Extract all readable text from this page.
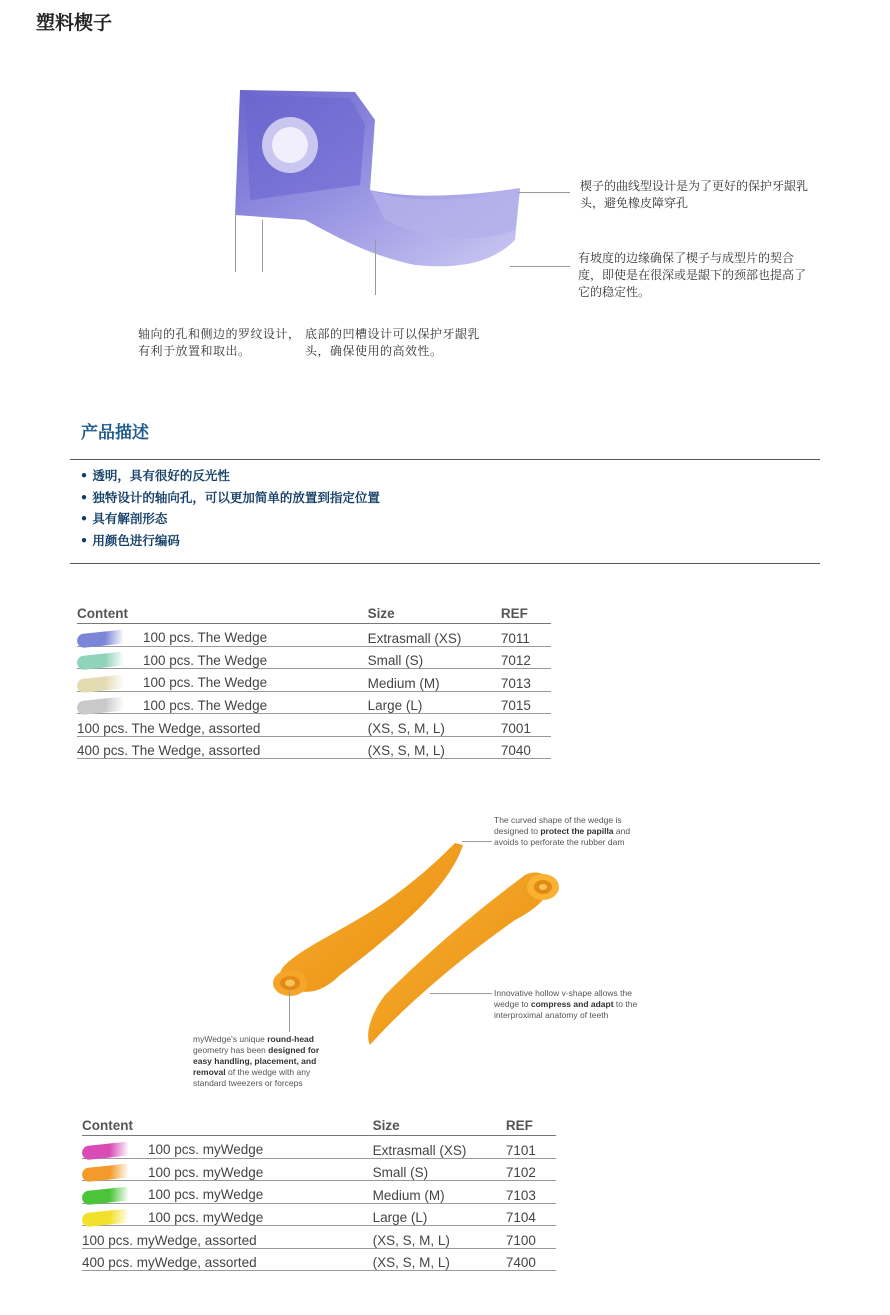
塑料楔子
楔子的曲线型设计是为了更好的保护牙龈乳头，避免橡皮障穿孔
有坡度的边缘确保了楔子与成型片的契合度，即使是在很深或是龈下的颈部也提高了它的稳定性。
轴向的孔和侧边的罗纹设计，有利于放置和取出。
底部的凹槽设计可以保护牙龈乳头，确保使用的高效性。
产品描述
• 透明，具有很好的反光性
• 独特设计的轴向孔，可以更加简单的放置到指定位置
• 具有解剖形态
• 用颜色进行编码
Content	Size	REF
100 pcs. The Wedge	Extrasmall (XS)	7011
100 pcs. The Wedge	Small (S)	7012
100 pcs. The Wedge	Medium (M)	7013
100 pcs. The Wedge	Large (L)	7015
100 pcs. The Wedge, assorted	(XS, S, M, L)	7001
400 pcs. The Wedge, assorted	(XS, S, M, L)	7040
The curved shape of the wedge is designed to protect the papilla and avoids to perforate the rubber dam
Innovative hollow v-shape allows the wedge to compress and adapt to the interproximal anatomy of teeth
myWedge's unique round-head geometry has been designed for easy handling, placement, and removal of the wedge with any standard tweezers or forceps
Content	Size	REF
100 pcs. myWedge	Extrasmall (XS)	7101
100 pcs. myWedge	Small (S)	7102
100 pcs. myWedge	Medium (M)	7103
100 pcs. myWedge	Large (L)	7104
100 pcs. myWedge, assorted	(XS, S, M, L)	7100
400 pcs. myWedge, assorted	(XS, S, M, L)	7400
